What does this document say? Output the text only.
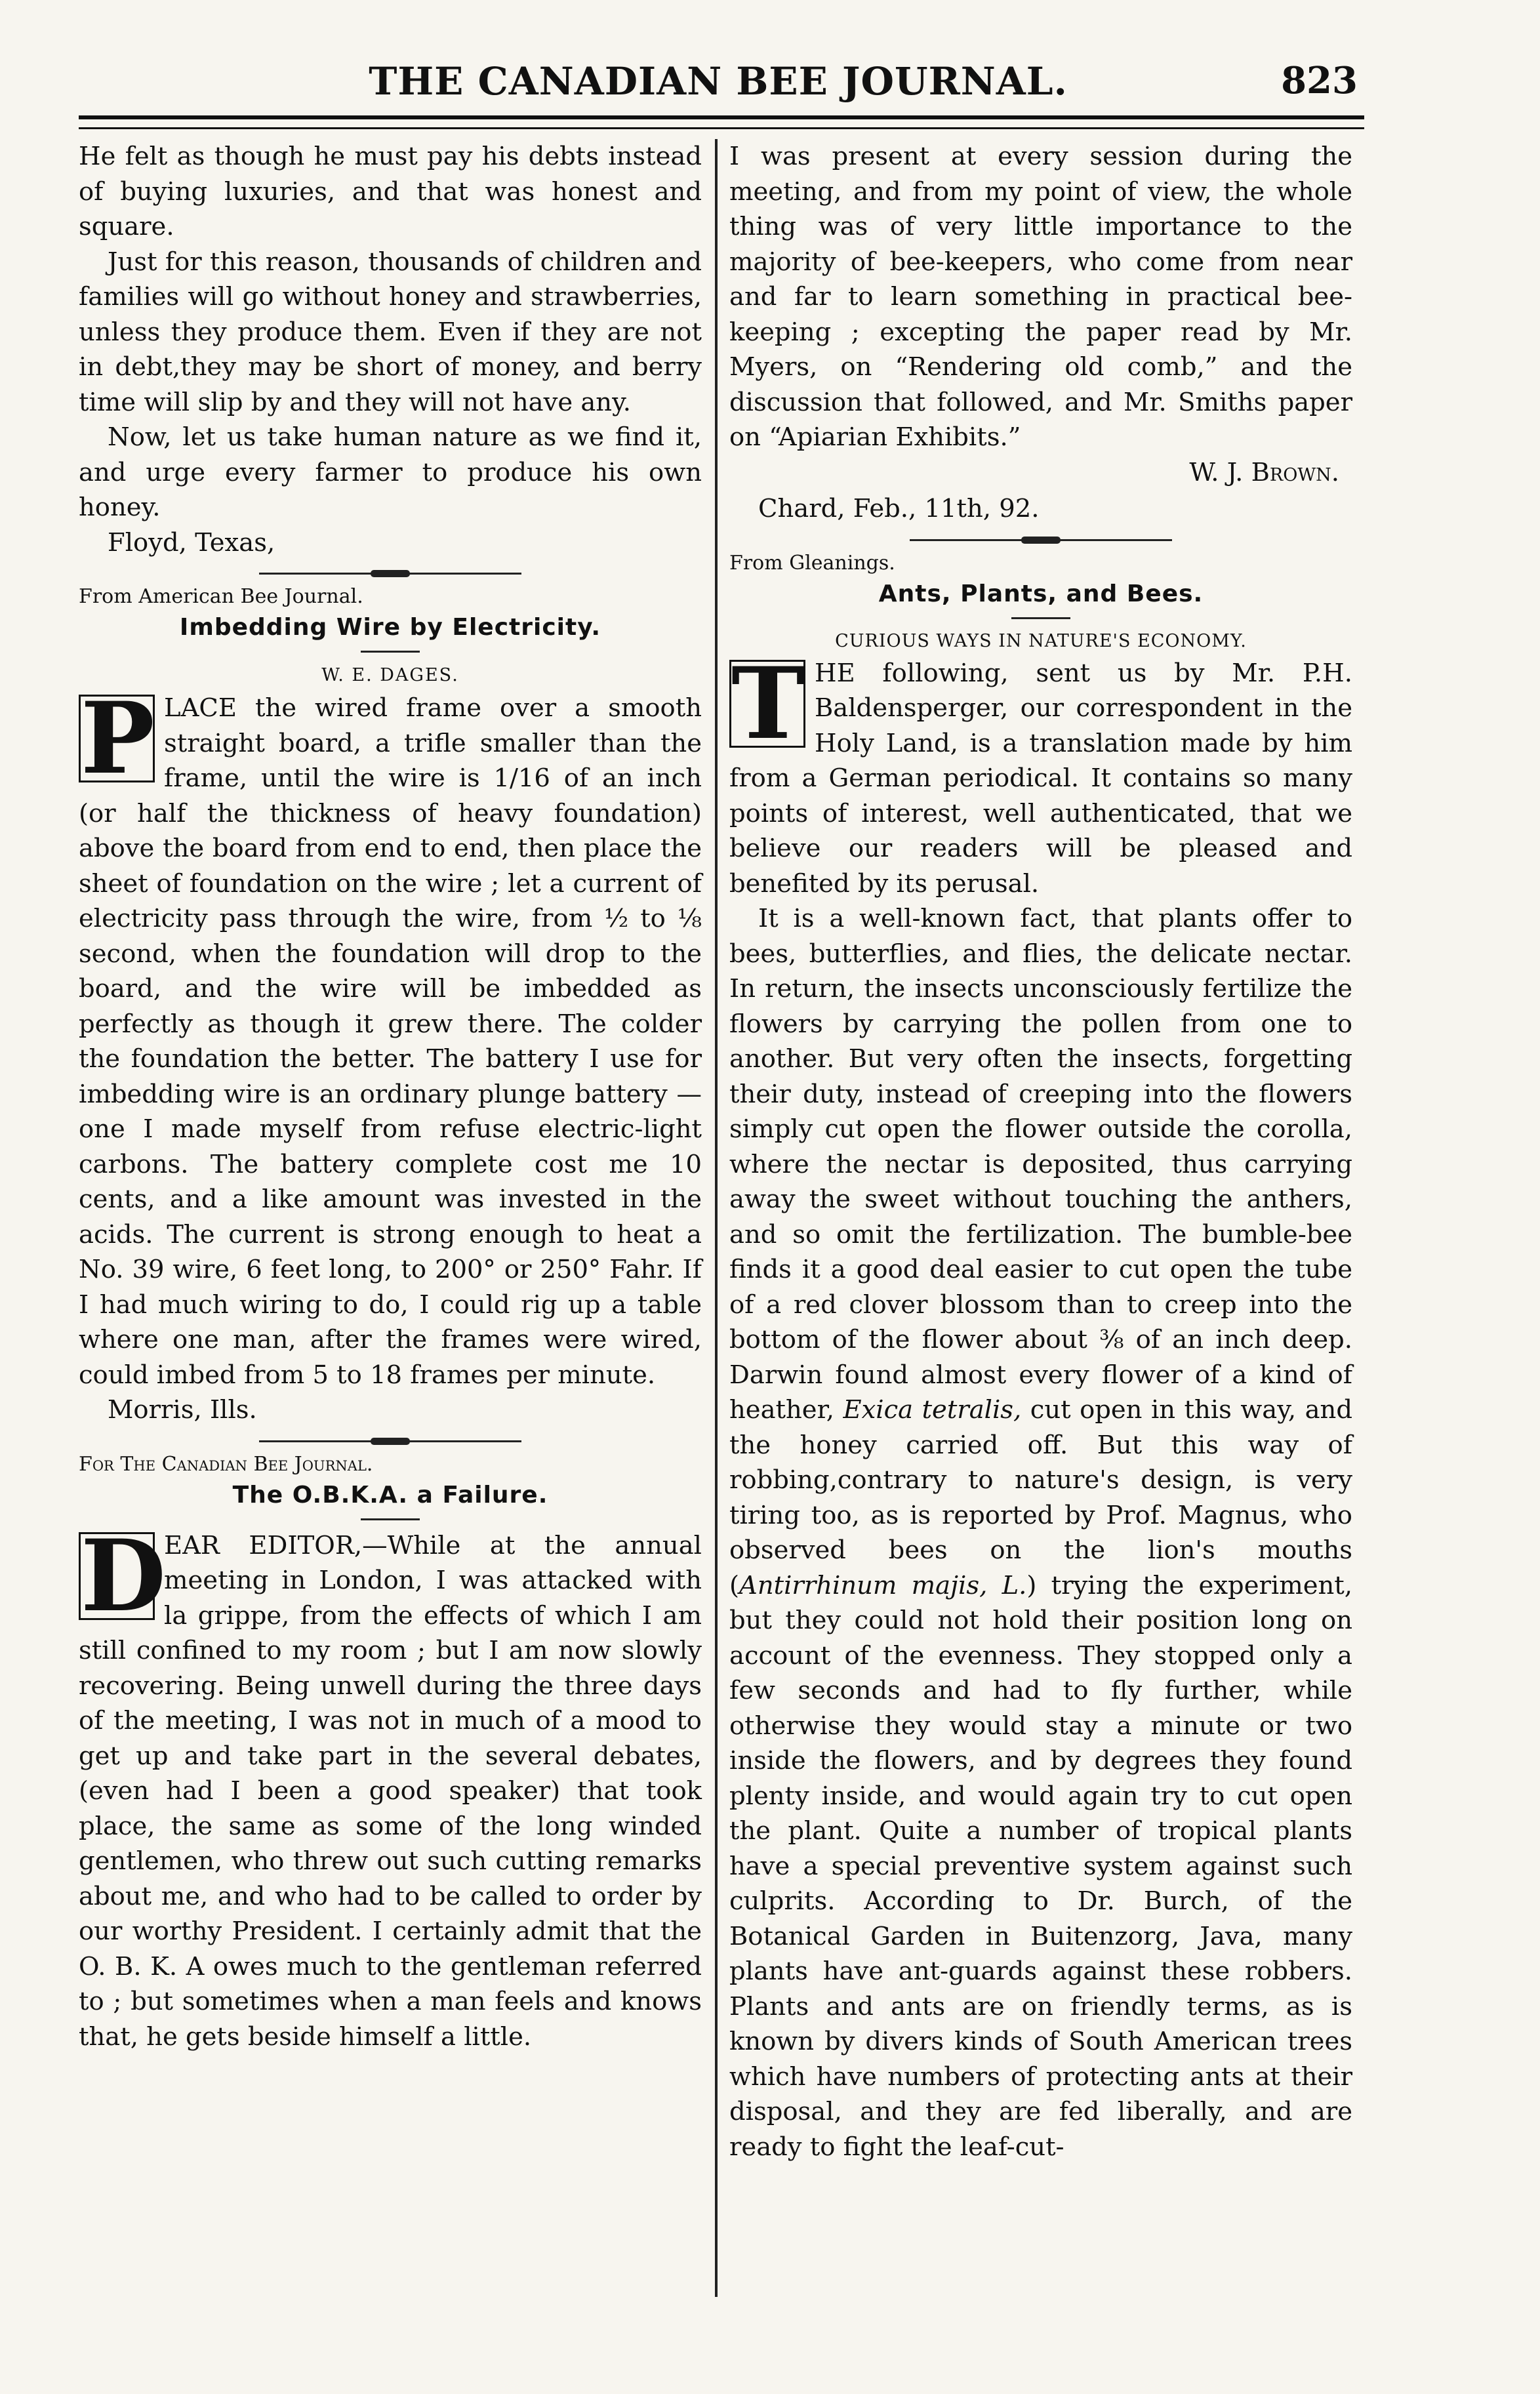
THE CANADIAN BEE JOURNAL.	823

He felt as though he must pay his debts instead of buying luxuries, and that was honest and square.

Just for this reason, thousands of children and families will go without honey and strawberries, unless they produce them. Even if they are not in debt,they may be short of money, and berry time will slip by and they will not have any.

Now, let us take human nature as we find it, and urge every farmer to produce his own honey.

Floyd, Texas,

From American Bee Journal.

Imbedding Wire by Electricity.
W. E. DAGES.

P LACE the wired frame over a smooth straight board, a trifle smaller than the frame, until the wire is 1/16 of an inch (or half the thickness of heavy foundation) above the board from end to end, then place the sheet of foundation on the wire ; let a current of electricity pass through the wire, from ½ to ⅛ second, when the foundation will drop to the board, and the wire will be imbedded as perfectly as though it grew there. The colder the foundation the better. The battery I use for imbedding wire is an ordinary plunge battery —one I made myself from refuse electric-light carbons. The battery complete cost me 10 cents, and a like amount was invested in the acids. The current is strong enough to heat a No. 39 wire, 6 feet long, to 200° or 250° Fahr. If I had much wiring to do, I could rig up a table where one man, after the frames were wired, could imbed from 5 to 18 frames per minute.

Morris, Ills.

For The Canadian Bee Journal.

The O.B.K.A. a Failure.

D
EAR EDITOR,—While at the annual meeting in London, I was attacked with la grippe, from the effects of which I am still confined to my room ; but I am now slowly recovering. Being unwell during the three days of the meeting, I was not in much of a mood to get up and take part in the several debates, (even had I been a good speaker) that took place, the same as some of the long winded gentlemen, who threw out such cutting remarks about me, and who had to be called to order by our worthy President. I certainly admit that the O. B. K. A owes much to the gentleman referred to ; but sometimes when a man feels and knows that, he gets beside himself a little.

I was present at every session during the meeting, and from my point of view, the whole thing was of very little importance to the majority of bee-keepers, who come from near and far to learn something in practical bee-keeping ; excepting the paper read by Mr. Myers, on “Rendering old comb,” and the discussion that followed, and Mr. Smiths paper on “Apiarian Exhibits.”

W. J. Brown.

Chard, Feb., 11th, 92.

From Gleanings.

Ants, Plants, and Bees.
CURIOUS WAYS IN NATURE'S ECONOMY.

T HE following, sent us by Mr. P.H. Baldensperger, our correspondent in the Holy Land, is a translation made by him from a German periodical. It contains so many points of interest, well authenticated, that we believe our readers will be pleased and benefited by its perusal.

It is a well-known fact, that plants offer to bees, butterflies, and flies, the delicate nectar. In return, the insects unconsciously fertilize the flowers by carrying the pollen from one to another. But very often the insects, forgetting their duty, instead of creeping into the flowers simply cut open the flower outside the corolla, where the nectar is deposited, thus carrying away the sweet without touching the anthers, and so omit the fertilization. The bumble-bee finds it a good deal easier to cut open the tube of a red clover blossom than to creep into the bottom of the flower about ⅜ of an inch deep. Darwin found almost every flower of a kind of heather, Exica tetralis, cut open in this way, and the honey carried off. But this way of robbing,contrary to nature's design, is very tiring too, as is reported by Prof. Magnus, who observed bees on the lion's mouths (Antirrhinum majis, L.) trying the experiment, but they could not hold their position long on account of the evenness. They stopped only a few seconds and had to fly further, while otherwise they would stay a minute or two inside the flowers, and by degrees they found plenty inside, and would again try to cut open the plant. Quite a number of tropical plants have a special preventive system against such culprits. According to Dr. Burch, of the Botanical Garden in Buitenzorg, Java, many plants have ant-guards against these robbers. Plants and ants are on friendly terms, as is known by divers kinds of South American trees which have numbers of protecting ants at their disposal, and they are fed liberally, and are ready to fight the leaf-cut-
